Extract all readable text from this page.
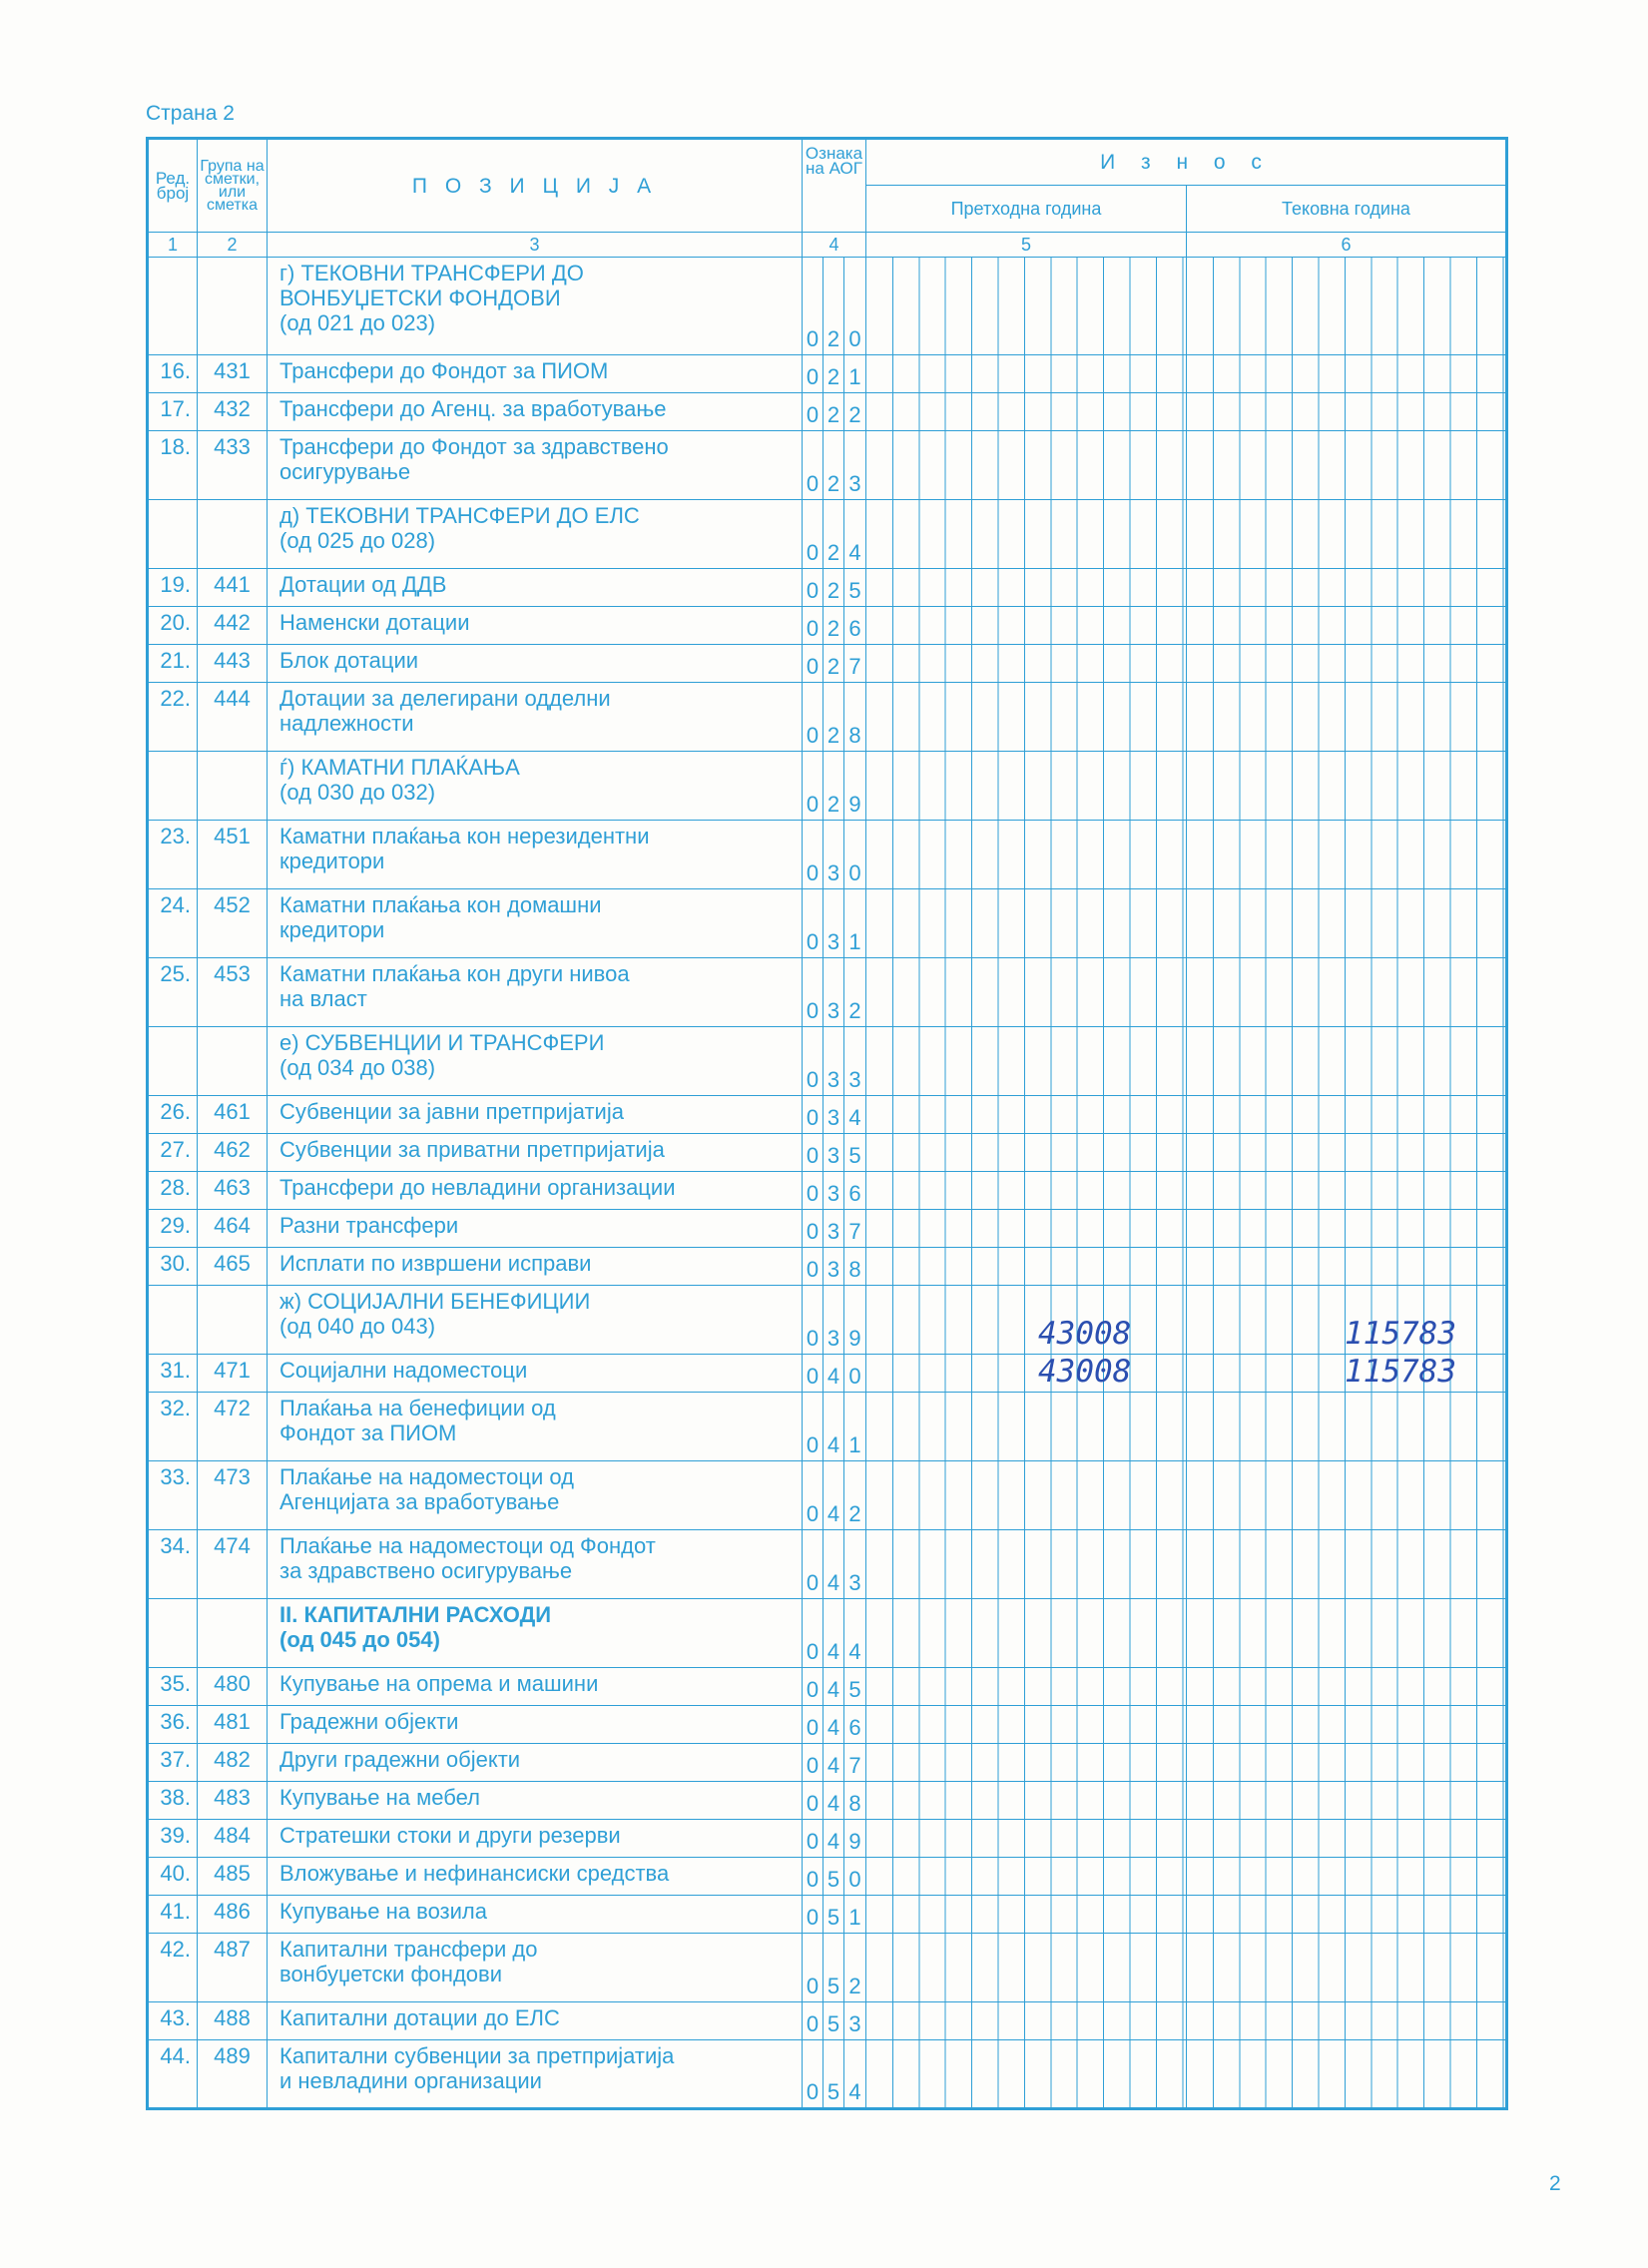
Страна 2
Ред. број	Група на сметки, или сметка	П О З И Ц И Ј А	Ознака на АОГ			И з н о с	
						Претходна година	Тековна година
1	2	3	4			5	6
		г) ТЕКОВНИ ТРАНСФЕРИ ДО
ВОНБУЏЕТСКИ ФОНДОВИ
(од 021 до 023)	0	2	0		
16.	431	Трансфери до Фондот за ПИОМ	0	2	1		
17.	432	Трансфери до Агенц. за вработување	0	2	2		
18.	433	Трансфери до Фондот за здравствено
осигурување	0	2	3		
		д) ТЕКОВНИ ТРАНСФЕРИ ДО ЕЛС
(од 025 до 028)	0	2	4		
19.	441	Дотации од ДДВ	0	2	5		
20.	442	Наменски дотации	0	2	6		
21.	443	Блок дотации	0	2	7		
22.	444	Дотации за делегирани одделни
надлежности	0	2	8		
		ѓ) КАМАТНИ ПЛАЌАЊА
(од 030 до 032)	0	2	9		
23.	451	Каматни плаќања кон нерезидентни
кредитори	0	3	0		
24.	452	Каматни плаќања кон домашни
кредитори	0	3	1		
25.	453	Каматни плаќања кон други нивоа
на власт	0	3	2		
		е) СУБВЕНЦИИ И ТРАНСФЕРИ
(од 034 до 038)	0	3	3		
26.	461	Субвенции за јавни претпријатија	0	3	4		
27.	462	Субвенции за приватни претпријатија	0	3	5		
28.	463	Трансфери до невладини организации	0	3	6		
29.	464	Разни трансфери	0	3	7		
30.	465	Исплати по извршени исправи	0	3	8		
		ж) СОЦИЈАЛНИ БЕНЕФИЦИИ
(од 040 до 043)	0	3	9	43008	115783

31.	471	Социјални надоместоци	0	4	0	43008	115783

32.	472	Плаќања на бенефиции од
Фондот за ПИОМ	0	4	1		
33.	473	Плаќање на надоместоци од
Агенцијата за вработување	0	4	2		
34.	474	Плаќање на надоместоци од Фондот
за здравствено осигурување	0	4	3		
		II. КАПИТАЛНИ РАСХОДИ
(од 045 до 054)	0	4	4		
35.	480	Купување на опрема и машини	0	4	5		
36.	481	Градежни објекти	0	4	6		
37.	482	Други градежни објекти	0	4	7		
38.	483	Купување на мебел	0	4	8		
39.	484	Стратешки стоки и други резерви	0	4	9		
40.	485	Вложување и нефинансиски средства	0	5	0		
41.	486	Купување на возила	0	5	1		
42.	487	Капитални трансфери до
вонбуџетски фондови	0	5	2		
43.	488	Капитални дотации до ЕЛС	0	5	3		
44.	489	Капитални субвенции за претпријатија
и невладини организации	0	5	4		
2
